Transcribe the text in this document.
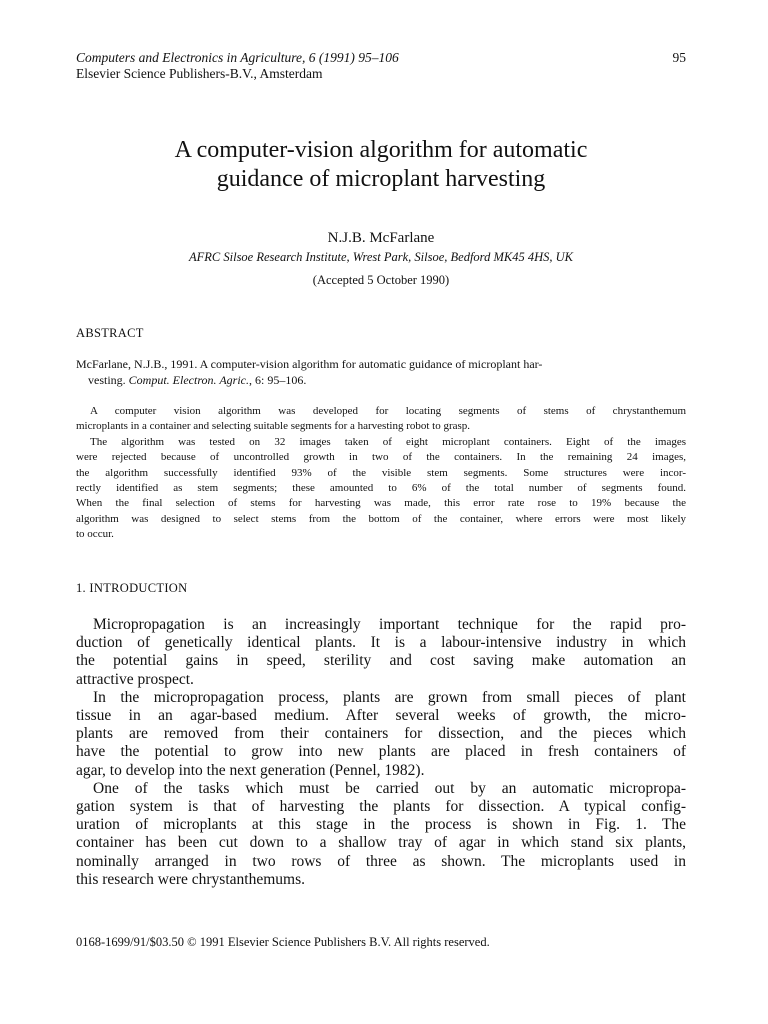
Computers and Electronics in Agriculture, 6 (1991) 95–106
Elsevier Science Publishers-B.V., Amsterdam
95
A computer-vision algorithm for automatic
guidance of microplant harvesting
N.J.B. McFarlane
AFRC Silsoe Research Institute, Wrest Park, Silsoe, Bedford MK45 4HS, UK
(Accepted 5 October 1990)
ABSTRACT
McFarlane, N.J.B., 1991. A computer-vision algorithm for automatic guidance of microplant har-
vesting. Comput. Electron. Agric., 6: 95–106.
A computer vision algorithm was developed for locating segments of stems of chrystanthemum
microplants in a container and selecting suitable segments for a harvesting robot to grasp.
The algorithm was tested on 32 images taken of eight microplant containers. Eight of the images
were rejected because of uncontrolled growth in two of the containers. In the remaining 24 images,
the algorithm successfully identified 93% of the visible stem segments. Some structures were incor-
rectly identified as stem segments; these amounted to 6% of the total number of segments found.
When the final selection of stems for harvesting was made, this error rate rose to 19% because the
algorithm was designed to select stems from the bottom of the container, where errors were most likely
to occur.
1. INTRODUCTION
Micropropagation is an increasingly important technique for the rapid pro-
duction of genetically identical plants. It is a labour-intensive industry in which
the potential gains in speed, sterility and cost saving make automation an
attractive prospect.
In the micropropagation process, plants are grown from small pieces of plant
tissue in an agar-based medium. After several weeks of growth, the micro-
plants are removed from their containers for dissection, and the pieces which
have the potential to grow into new plants are placed in fresh containers of
agar, to develop into the next generation (Pennel, 1982).
One of the tasks which must be carried out by an automatic micropropa-
gation system is that of harvesting the plants for dissection. A typical config-
uration of microplants at this stage in the process is shown in Fig. 1. The
container has been cut down to a shallow tray of agar in which stand six plants,
nominally arranged in two rows of three as shown. The microplants used in
this research were chrystanthemums.
0168-1699/91/$03.50 © 1991 Elsevier Science Publishers B.V. All rights reserved.
